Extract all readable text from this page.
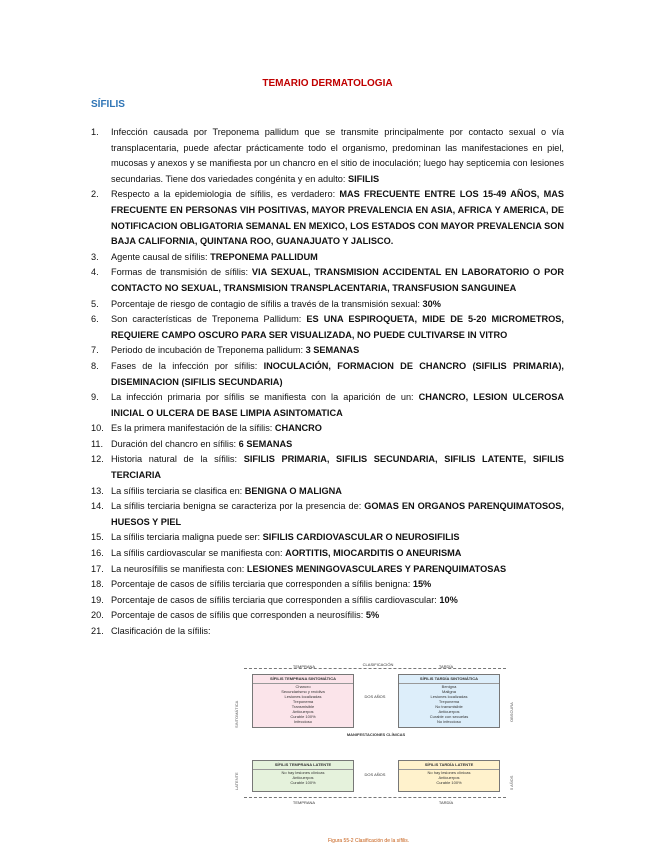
TEMARIO DERMATOLOGIA
SÍFILIS
1. Infección causada por Treponema pallidum que se transmite principalmente por contacto sexual o vía transplacentaria, puede afectar prácticamente todo el organismo, predominan las manifestaciones en piel, mucosas y anexos y se manifiesta por un chancro en el sitio de inoculación; luego hay septicemia con lesiones secundarias. Tiene dos variedades congénita y en adulto: SIFILIS
2. Respecto a la epidemiologia de sífilis, es verdadero: MAS FRECUENTE ENTRE LOS 15-49 AÑOS, MAS FRECUENTE EN PERSONAS VIH POSITIVAS, MAYOR PREVALENCIA EN ASIA, AFRICA Y AMERICA, DE NOTIFICACION OBLIGATORIA SEMANAL EN MEXICO, LOS ESTADOS CON MAYOR PREVALENCIA SON BAJA CALIFORNIA, QUINTANA ROO, GUANAJUATO Y JALISCO.
3. Agente causal de sífilis: TREPONEMA PALLIDUM
4. Formas de transmisión de sífilis: VIA SEXUAL, TRANSMISION ACCIDENTAL EN LABORATORIO O POR CONTACTO NO SEXUAL, TRANSMISION TRANSPLACENTARIA, TRANSFUSION SANGUINEA
5. Porcentaje de riesgo de contagio de sífilis a través de la transmisión sexual: 30%
6. Son características de Treponema Pallidum: ES UNA ESPIROQUETA, MIDE DE 5-20 MICROMETROS, REQUIERE CAMPO OSCURO PARA SER VISUALIZADA, NO PUEDE CULTIVARSE IN VITRO
7. Periodo de incubación de Treponema pallidum: 3 SEMANAS
8. Fases de la infección por sífilis: INOCULACIÓN, FORMACION DE CHANCRO (SIFILIS PRIMARIA), DISEMINACION (SIFILIS SECUNDARIA)
9. La infección primaria por sífilis se manifiesta con la aparición de un: CHANCRO, LESION ULCEROSA INICIAL O ULCERA DE BASE LIMPIA ASINTOMATICA
10. Es la primera manifestación de la sífilis: CHANCRO
11. Duración del chancro en sífilis: 6 SEMANAS
12. Historia natural de la sífilis: SIFILIS PRIMARIA, SIFILIS SECUNDARIA, SIFILIS LATENTE, SIFILIS TERCIARIA
13. La sífilis terciaria se clasifica en: BENIGNA O MALIGNA
14. La sífilis terciaria benigna se caracteriza por la presencia de: GOMAS EN ORGANOS PARENQUIMATOSOS, HUESOS Y PIEL
15. La sífilis terciaria maligna puede ser: SIFILIS CARDIOVASCULAR O NEUROSIFILIS
16. La sífilis cardiovascular se manifiesta con: AORTITIS, MIOCARDITIS O ANEURISMA
17. La neurosífilis se manifiesta con: LESIONES MENINGOVASCULARES Y PARENQUIMATOSAS
18. Porcentaje de casos de sífilis terciaria que corresponden a sífilis benigna: 15%
19. Porcentaje de casos de sífilis terciaria que corresponden a sífilis cardiovascular: 10%
20. Porcentaje de casos de sífilis que corresponden a neurosífilis: 5%
21. Clasificación de la sífilis:
TEMPRANA	CLASIFICACIÓN	TARDÍA
SINTOMÁTICA	OBSCURA
SÍFILIS TEMPRANA SINTOMÁTICA
Chancro
Secundarismo y recidiva
Lesiones localizadas
Treponema
Transmisible
Anticuerpos
Curable 100%
Infeccioso
DOS AÑOS
SÍFILIS TARDÍA SINTOMÁTICA
Benigna
Maligna
Lesiones localizadas
Treponema
No transmisible
Anticuerpos
Curable con secuelas
No infeccioso
MANIFESTACIONES CLÍNICAS
LATENTE	5 AÑOS
SÍFILIS TEMPRANA LATENTE
No hay lesiones clínicas
Anticuerpos
Curable 100%
DOS AÑOS
SÍFILIS TARDÍA LATENTE
No hay lesiones clínicas
Anticuerpos
Curable 100%
TEMPRANA	TARDÍA
Figura 55-2 Clasificación de la sífilis.
